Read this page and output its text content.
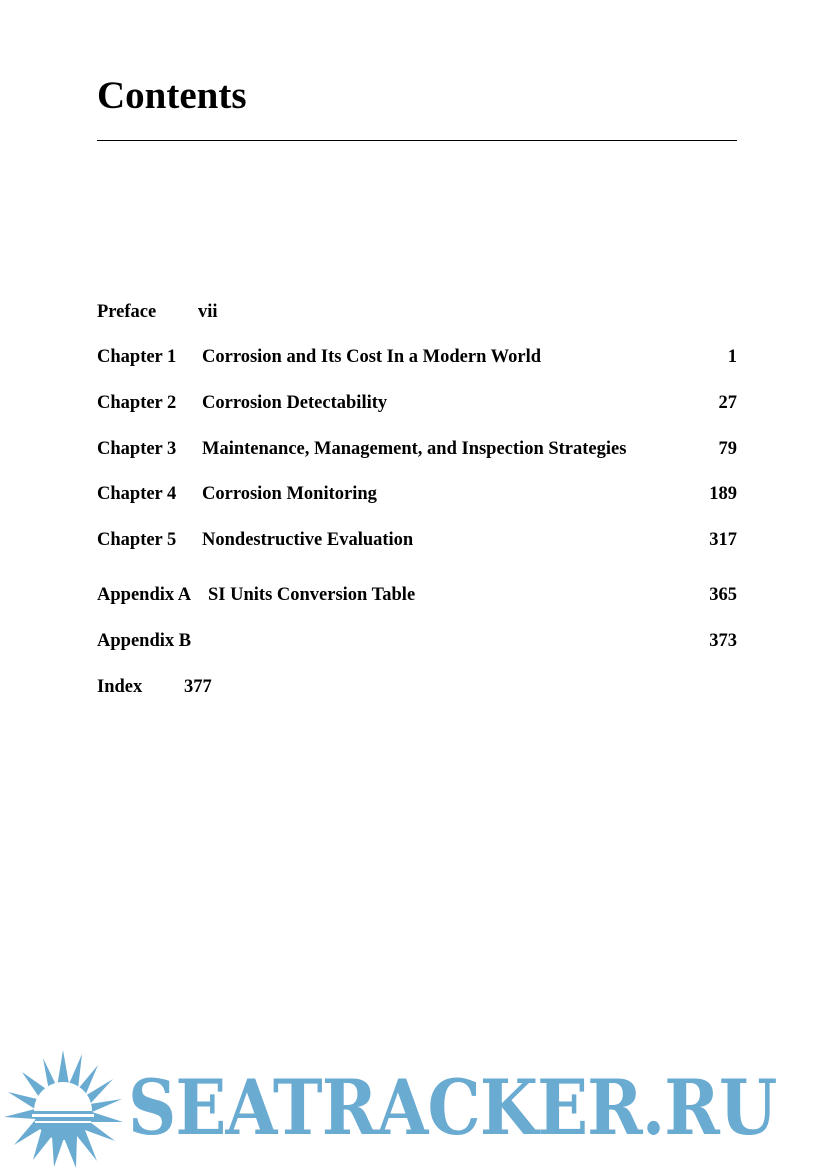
Contents
Preface vii
Chapter 1 Corrosion and Its Cost In a Modern World	1
Chapter 2 Corrosion Detectability	27
Chapter 3 Maintenance, Management, and Inspection Strategies	79
Chapter 4 Corrosion Monitoring	189
Chapter 5 Nondestructive Evaluation	317
Appendix A SI Units Conversion Table	365
Appendix B	373
Index 377
SEATRACKER.RU
